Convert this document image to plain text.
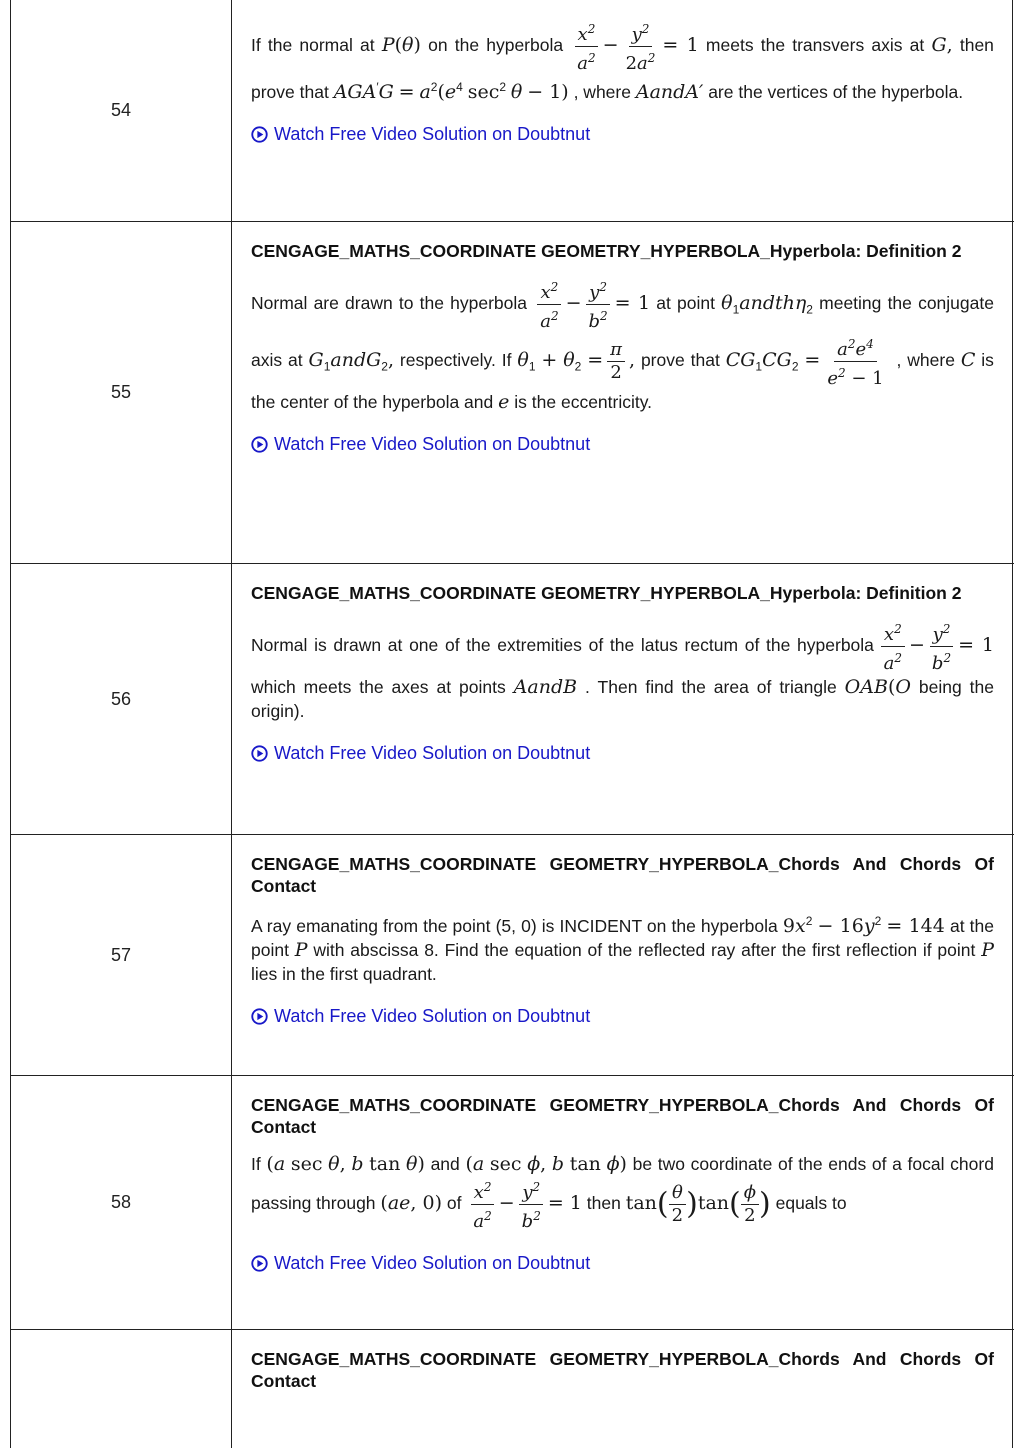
54
If the normal at P(θ) on the hyperbola $\frac{x^2}{a^2} - \frac{y^2}{2a^2} = 1$ meets the transvers axis at G, then prove that $AGA'G = a^2(e^4$ $\sec^2 \theta - 1$) , where AandA′ are the vertices of the hyperbola.
Watch Free Video Solution on Doubtnut
55
CENGAGE_MATHS_COORDINATE GEOMETRY_HYPERBOLA_Hyperbola: Definition 2
Normal are drawn to the hyperbola $\frac{x^2}{a^2} - \frac{y^2}{b^2} = 1$ at point $\theta_1andth\eta_2$ meeting the conjugate axis at $G_1andG_2$, respectively. If $\theta_1 + \theta_2 = \frac{\pi}{2}$ , prove that $CG_1CG_2 = \frac{a^2e^4}{e^2 - 1}$ , where C is the center of the hyperbola and e is the eccentricity.
Watch Free Video Solution on Doubtnut
56
CENGAGE_MATHS_COORDINATE GEOMETRY_HYPERBOLA_Hyperbola: Definition 2
Normal is drawn at one of the extremities of the latus rectum of the hyperbola $\frac{x^2}{a^2} - \frac{y^2}{b^2} = 1$ which meets the axes at points AandB . Then find the area of triangle OAB(O being the origin).
Watch Free Video Solution on Doubtnut
57
CENGAGE_MATHS_COORDINATE GEOMETRY_HYPERBOLA_Chords And Chords Of Contact
A ray emanating from the point (5, 0) is INCIDENT on the hyperbola $9x^2 - 16y^2 = 144$ at the point P with abscissa 8. Find the equation of the reflected ray after the first reflection if point P lies in the first quadrant.
Watch Free Video Solution on Doubtnut
58
CENGAGE_MATHS_COORDINATE GEOMETRY_HYPERBOLA_Chords And Chords Of Contact
If (a sec θ, b tan θ) and (a sec ϕ, b tan ϕ) be two coordinate of the ends of a focal chord passing through (ae, 0) of $\frac{x^2}{a^2} - \frac{y^2}{b^2} = 1$ then $\tan( \frac{\theta}{2} )\tan( \frac{\phi}{2}$ ) equals to
Watch Free Video Solution on Doubtnut
CENGAGE_MATHS_COORDINATE GEOMETRY_HYPERBOLA_Chords And Chords Of Contact
